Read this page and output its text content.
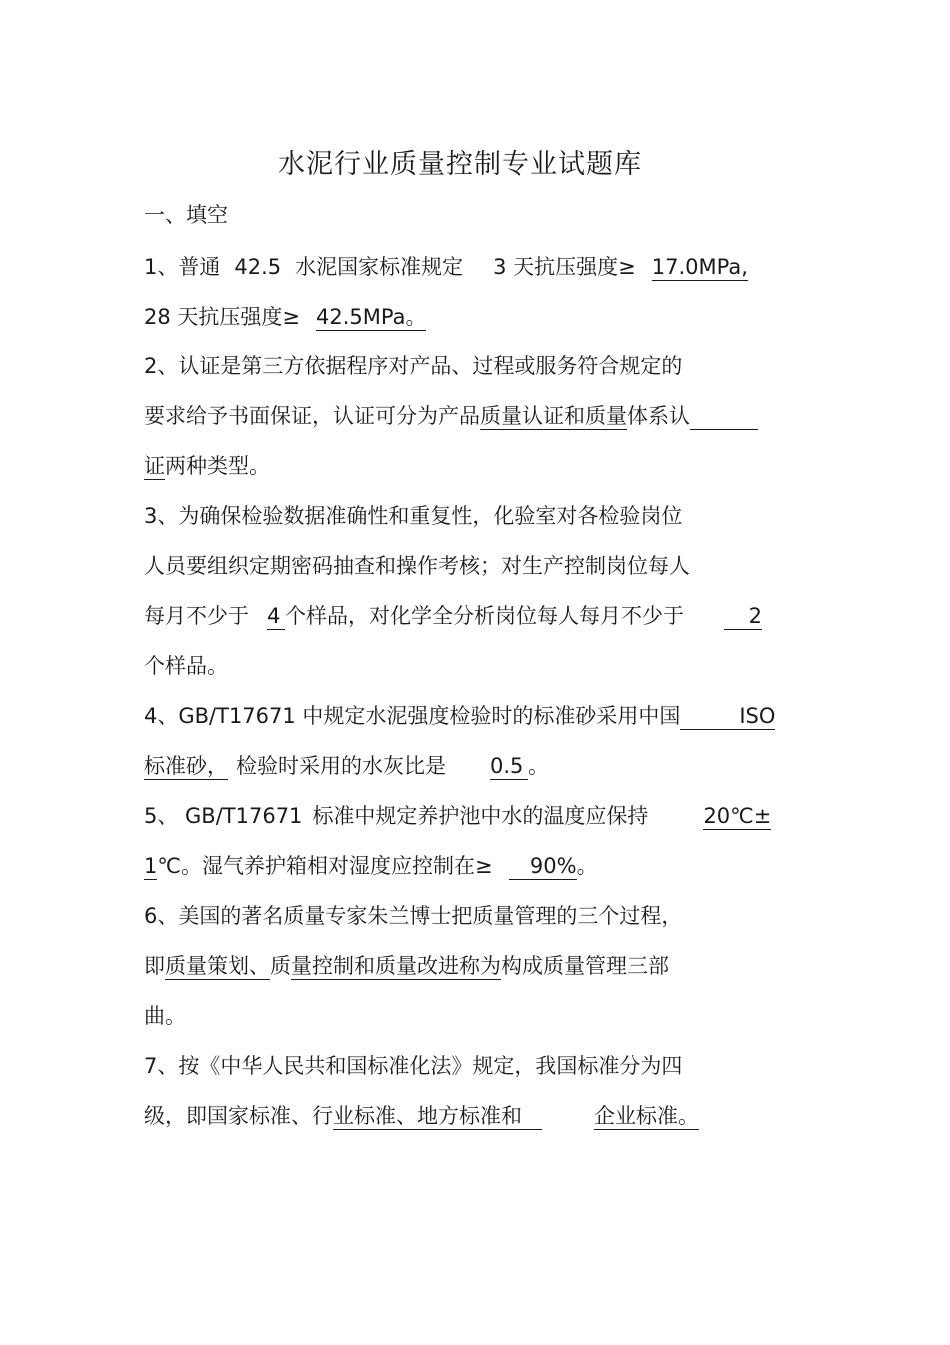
水泥行业质量控制专业试题库
一、填空
1、普通 42.5 水泥国家标准规定 3 天抗压强度≥ 17.0MPa,
28 天抗压强度≥ 42.5MPa。
2、认证是第三方依据程序对产品、过程或服务符合规定的
要求给予书面保证，认证可分为产品质量认证和质量体系认
证两种类型。
3、为确保检验数据准确性和重复性，化验室对各检验岗位
人员要组织定期密码抽查和操作考核；对生产控制岗位每人
每月不少于 4 个样品，对化学全分析岗位每人每月不少于	2
个样品。
4、GB/T17671 中规定水泥强度检验时的标准砂采用中国	ISO
标准砂， 检验时采用的水灰比是 0.5 。
5、 GB/T17671 标准中规定养护池中水的温度应保持	20℃±
1℃。湿气养护箱相对湿度应控制在≥ 90%。
6、美国的著名质量专家朱兰博士把质量管理的三个过程，
即质量策划、质量控制和质量改进称为构成质量管理三部
曲。
7、按《中华人民共和国标准化法》规定，我国标准分为四
级，即国家标准、行业标准、地方标准和	企业标准。
